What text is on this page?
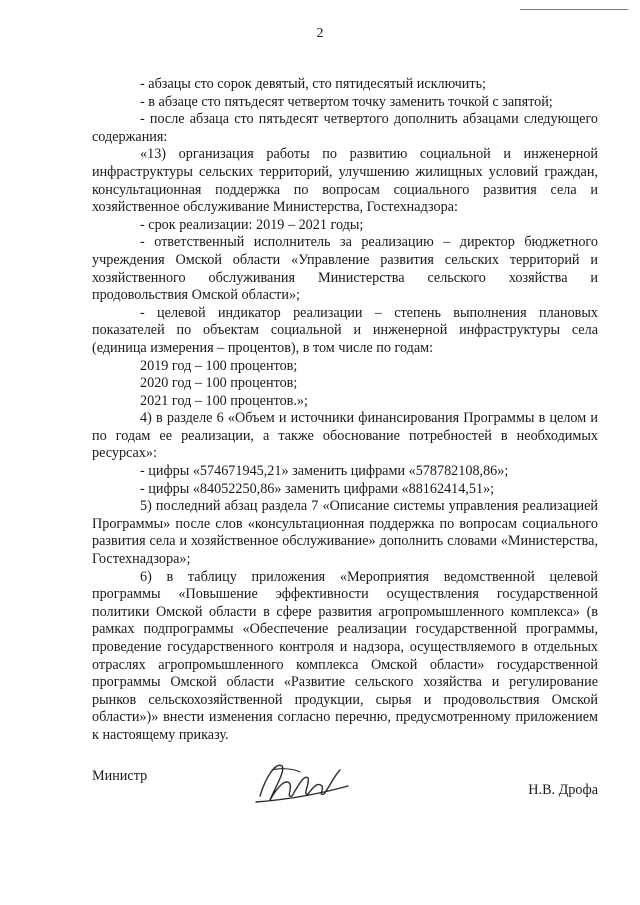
2

- абзацы сто сорок девятый, сто пятидесятый исключить;

- в абзаце сто пятьдесят четвертом точку заменить точкой с запятой;

- после абзаца сто пятьдесят четвертого дополнить абзацами следующего содержания:

«13) организация работы по развитию социальной и инженерной инфраструктуры сельских территорий, улучшению жилищных условий граждан, консультационная поддержка по вопросам социального развития села и хозяйственное обслуживание Министерства, Гостехнадзора:

- срок реализации: 2019 – 2021 годы;

- ответственный исполнитель за реализацию – директор бюджетного учреждения Омской области «Управление развития сельских территорий и хозяйственного обслуживания Министерства сельского хозяйства и продовольствия Омской области»;

- целевой индикатор реализации – степень выполнения плановых показателей по объектам социальной и инженерной инфраструктуры села (единица измерения – процентов), в том числе по годам:

2019 год – 100 процентов;

2020 год – 100 процентов;

2021 год – 100 процентов.»;

4) в разделе 6 «Объем и источники финансирования Программы в целом и по годам ее реализации, а также обоснование потребностей в необходимых ресурсах»:

- цифры «574671945,21» заменить цифрами «578782108,86»;

- цифры «84052250,86» заменить цифрами «88162414,51»;

5) последний абзац раздела 7 «Описание системы управления реализацией Программы» после слов «консультационная поддержка по вопросам социального развития села и хозяйственное обслуживание» дополнить словами «Министерства, Гостехнадзора»;

6) в таблицу приложения «Мероприятия ведомственной целевой программы «Повышение эффективности осуществления государственной политики Омской области в сфере развития агропромышленного комплекса» (в рамках подпрограммы «Обеспечение реализации государственной программы, проведение государственного контроля и надзора, осуществляемого в отдельных отраслях агропромышленного комплекса Омской области» государственной программы Омской области «Развитие сельского хозяйства и регулирование рынков сельскохозяйственной продукции, сырья и продовольствия Омской области»)» внести изменения согласно перечню, предусмотренному приложением к настоящему приказу.

Министр
Н.В. Дрофа
